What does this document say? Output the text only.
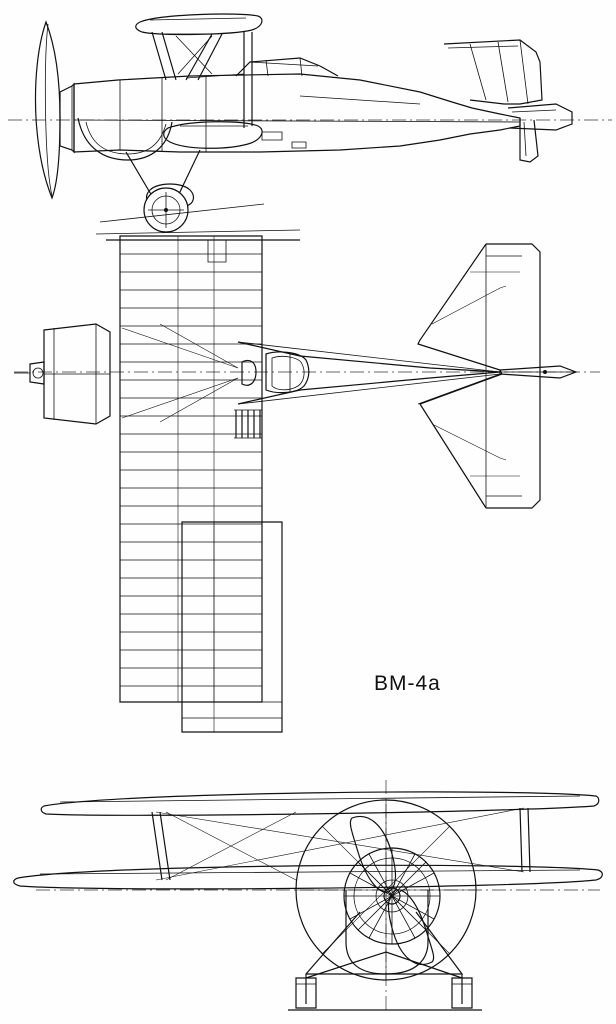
BM-4a
